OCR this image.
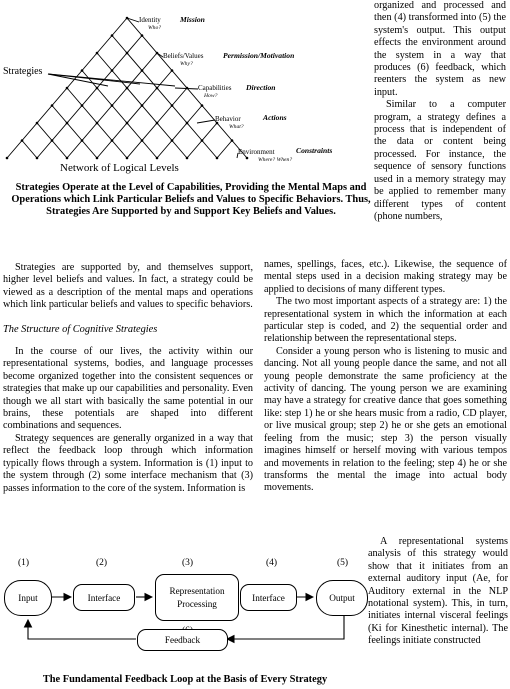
Identity
Who?
Mission
Beliefs/Values
Why?
Permission/Motivation
Capabilities
How?
Direction
Behavior
What?
Actions
Environment
Where? When?
Constraints
Strategies
Network of Logical Levels
Strategies Operate at the Level of Capabilities, Providing the Mental Maps and Operations which Link Particular Beliefs and Values to Specific Behaviors. Thus, Strategies Are Supported by and Support Key Beliefs and Values.

organized and processed and then (4) transformed into (5) the system's output. This output effects the environment around the system in a way that produces (6) feedback, which reenters the system as new input.

Similar to a computer program, a strategy defines a process that is independent of the data or content being processed. For instance, the sequence of sensory functions used in a memory strategy may be applied to remember many different types of content (phone numbers,

Strategies are supported by, and themselves support, higher level beliefs and values. In fact, a strategy could be viewed as a description of the mental maps and operations which link particular beliefs and values to specific behaviors.

The Structure of Cognitive Strategies

In the course of our lives, the activity within our representational systems, bodies, and language processes become organized together into the consistent sequences or strategies that make up our capabilities and personality. Even though we all start with basically the same potential in our brains, these potentials are shaped into different combinations and sequences.

Strategy sequences are generally organized in a way that reflect the feedback loop through which information typically flows through a system. Information is (1) input to the system through (2) some interface mechanism that (3) passes information to the core of the system. Information is

names, spellings, faces, etc.). Likewise, the sequence of mental steps used in a decision making strategy may be applied to decisions of many different types.

The two most important aspects of a strategy are: 1) the representational system in which the information at each particular step is coded, and 2) the sequential order and relationship between the representational steps.

Consider a young person who is listening to music and dancing. Not all young people dance the same, and not all young people demonstrate the same proficiency at the activity of dancing. The young person we are examining may have a strategy for creative dance that goes something like: step 1) he or she hears music from a radio, CD player, or live musical group; step 2) he or she gets an emotional feeling from the music; step 3) the person visually imagines himself or herself moving with various tempos and movements in relation to the feeling; step 4) he or she transforms the mental the image into actual body movements.

A representational systems analysis of this strategy would show that it initiates from an external auditory input (Ae, for Auditory external in the NLP notational system). This, in turn, initiates internal visceral feelings (Ki for Kinesthetic internal). The feelings initiate constructed

(1)	(2)	(3)	(4)	(5)
Input	Interface
Representation Processing
Interface	Output
Feedback
The Fundamental Feedback Loop at the Basis of Every Strategy
